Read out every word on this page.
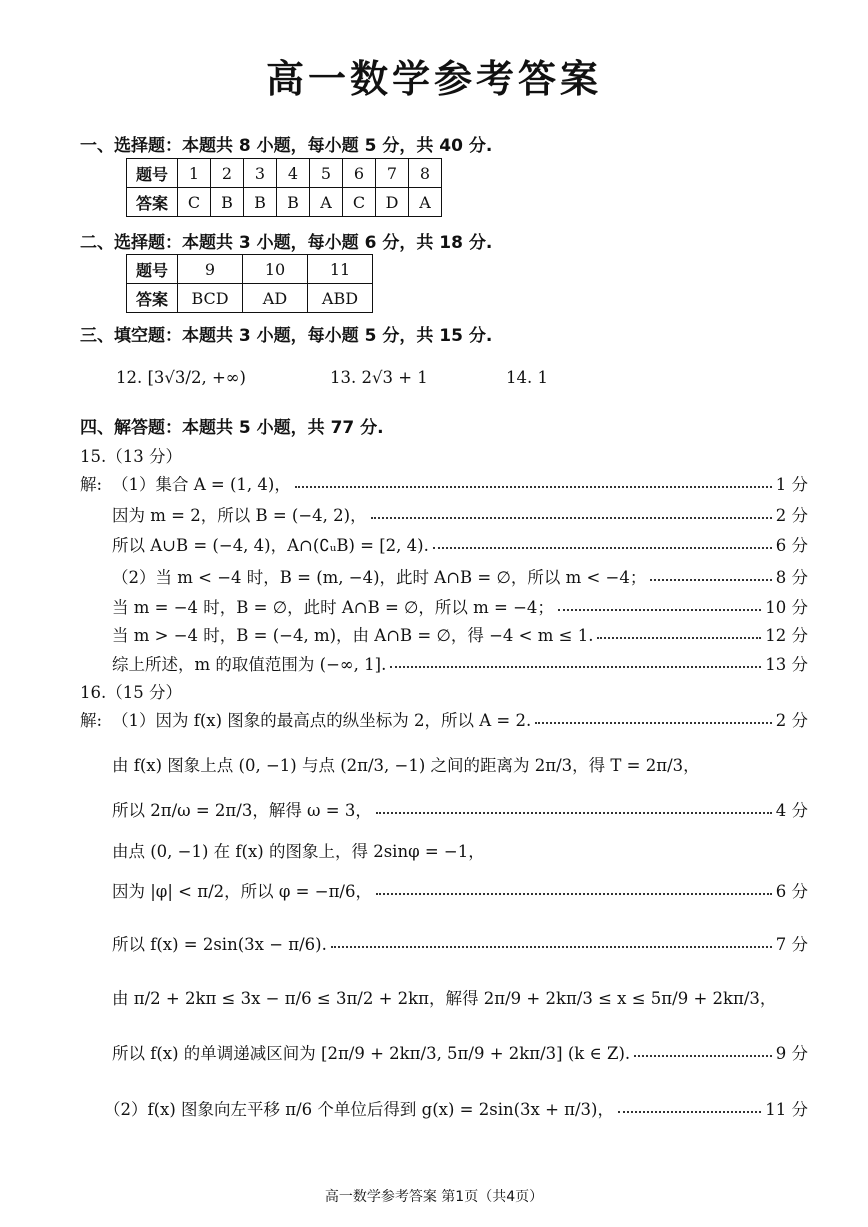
高一数学参考答案
一、选择题：本题共 8 小题，每小题 5 分，共 40 分.
题号	1	2	3	4	5	6	7	8
答案	C	B	B	B	A	C	D	A
二、选择题：本题共 3 小题，每小题 6 分，共 18 分.
题号	9	10	11
答案	BCD	AD	ABD
三、填空题：本题共 3 小题，每小题 5 分，共 15 分.
12. [3√3/2, +∞)	13. 2√3 + 1	14. 1
四、解答题：本题共 5 小题，共 77 分.
15.（13 分）
解: （1）集合 A = (1, 4)，	1 分
因为 m = 2，所以 B = (−4, 2)，	2 分
所以 A∪B = (−4, 4)，A∩(∁ᵤB) = [2, 4).	6 分
（2）当 m < −4 时，B = (m, −4)，此时 A∩B = ∅，所以 m < −4；	8 分
当 m = −4 时，B = ∅，此时 A∩B = ∅，所以 m = −4；	10 分
当 m > −4 时，B = (−4, m)，由 A∩B = ∅，得 −4 < m ≤ 1.	12 分
综上所述，m 的取值范围为 (−∞, 1].	13 分
16.（15 分）
解: （1）因为 f(x) 图象的最高点的纵坐标为 2，所以 A = 2.	2 分
由 f(x) 图象上点 (0, −1) 与点 (2π/3, −1) 之间的距离为 2π/3，得 T = 2π/3，
所以 2π/ω = 2π/3，解得 ω = 3，	4 分
由点 (0, −1) 在 f(x) 的图象上，得 2sinφ = −1，
因为 |φ| < π/2，所以 φ = −π/6，	6 分
所以 f(x) = 2sin(3x − π/6).	7 分
由 π/2 + 2kπ ≤ 3x − π/6 ≤ 3π/2 + 2kπ，解得 2π/9 + 2kπ/3 ≤ x ≤ 5π/9 + 2kπ/3，
所以 f(x) 的单调递减区间为 [2π/9 + 2kπ/3, 5π/9 + 2kπ/3] (k ∈ Z).	9 分
（2）f(x) 图象向左平移 π/6 个单位后得到 g(x) = 2sin(3x + π/3)，	11 分
高一数学参考答案 第1页（共4页）
